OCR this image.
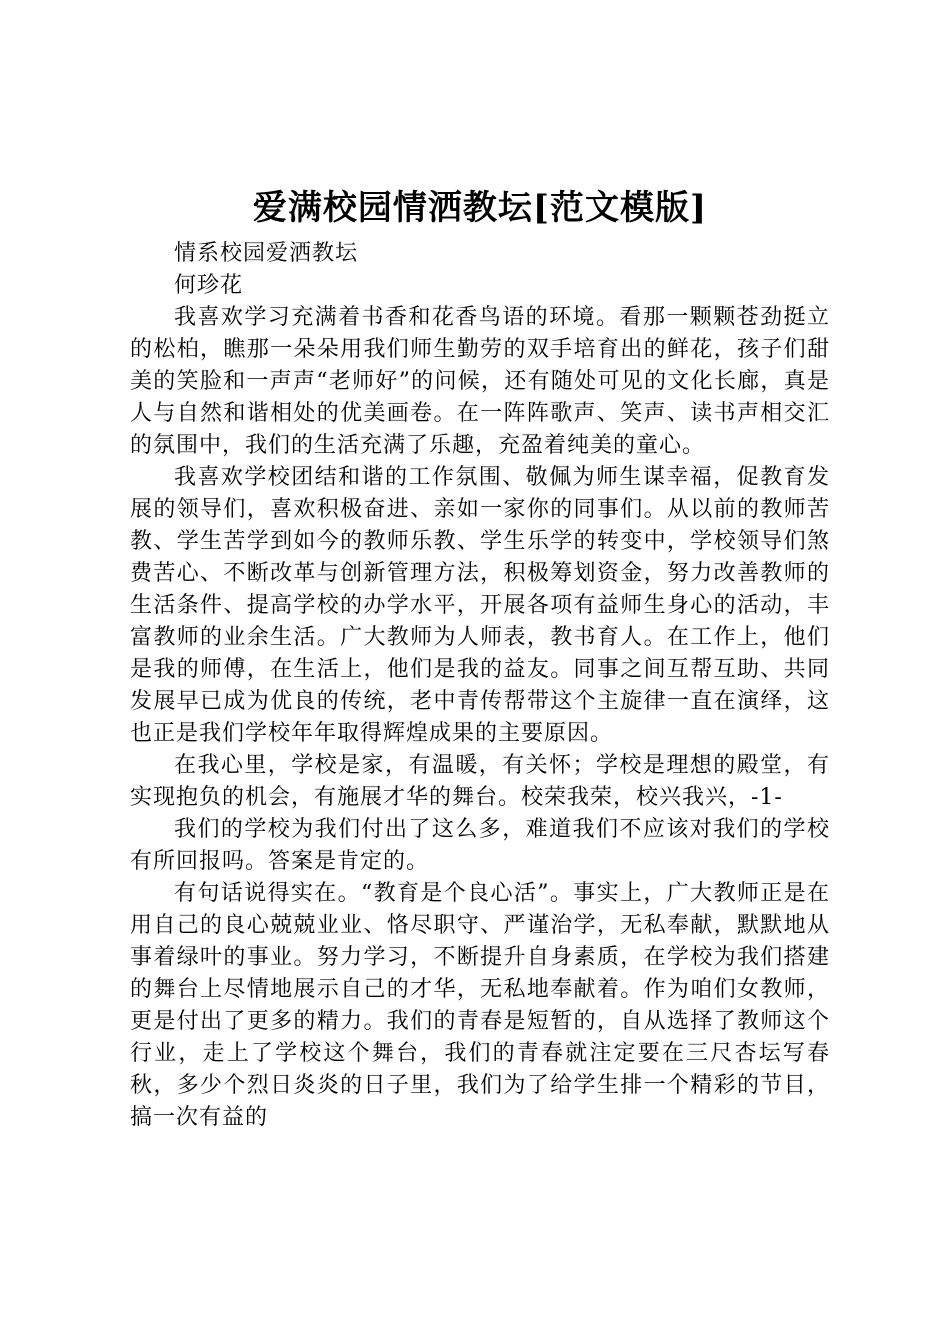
爱满校园情洒教坛[范文模版]

情系校园爱洒教坛

何珍花

我喜欢学习充满着书香和花香鸟语的环境。看那一颗颗苍劲挺立的松柏，瞧那一朵朵用我们师生勤劳的双手培育出的鲜花，孩子们甜美的笑脸和一声声“老师好”的问候，还有随处可见的文化长廊，真是人与自然和谐相处的优美画卷。在一阵阵歌声、笑声、读书声相交汇的氛围中，我们的生活充满了乐趣，充盈着纯美的童心。

我喜欢学校团结和谐的工作氛围、敬佩为师生谋幸福，促教育发展的领导们，喜欢积极奋进、亲如一家你的同事们。从以前的教师苦教、学生苦学到如今的教师乐教、学生乐学的转变中，学校领导们煞费苦心、不断改革与创新管理方法，积极筹划资金，努力改善教师的生活条件、提高学校的办学水平，开展各项有益师生身心的活动，丰富教师的业余生活。广大教师为人师表，教书育人。在工作上，他们是我的师傅，在生活上，他们是我的益友。同事之间互帮互助、共同发展早已成为优良的传统，老中青传帮带这个主旋律一直在演绎，这也正是我们学校年年取得辉煌成果的主要原因。

在我心里，学校是家，有温暖，有关怀；学校是理想的殿堂，有实现抱负的机会，有施展才华的舞台。校荣我荣，校兴我兴，-1-

我们的学校为我们付出了这么多，难道我们不应该对我们的学校有所回报吗。答案是肯定的。

有句话说得实在。“教育是个良心活”。事实上，广大教师正是在用自己的良心兢兢业业、恪尽职守、严谨治学，无私奉献，默默地从事着绿叶的事业。努力学习，不断提升自身素质，在学校为我们搭建的舞台上尽情地展示自己的才华，无私地奉献着。作为咱们女教师，更是付出了更多的精力。我们的青春是短暂的，自从选择了教师这个行业，走上了学校这个舞台，我们的青春就注定要在三尺杏坛写春秋，多少个烈日炎炎的日子里，我们为了给学生排一个精彩的节目，搞一次有益的
